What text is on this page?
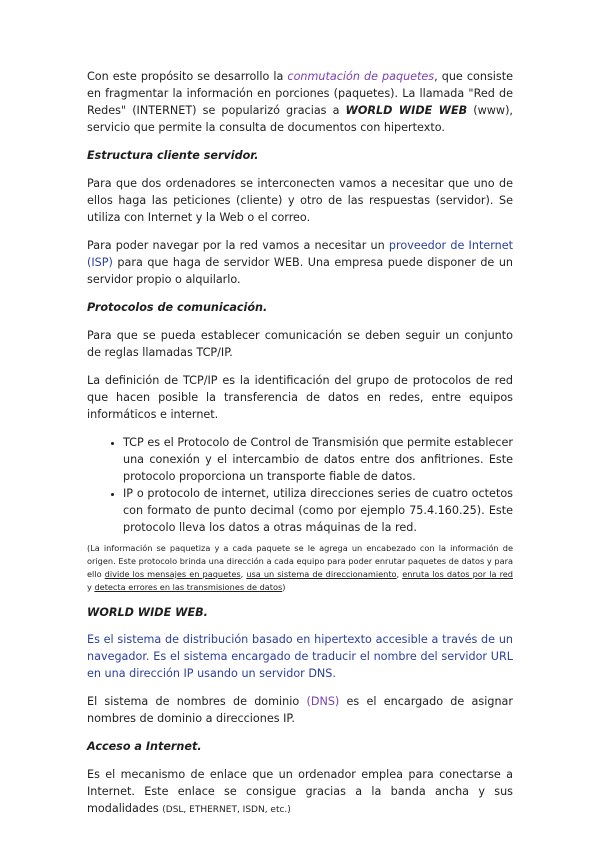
Con este propósito se desarrollo la conmutación de paquetes, que consiste en fragmentar la información en porciones (paquetes). La llamada "Red de Redes" (INTERNET) se popularizó gracias a WORLD WIDE WEB (www), servicio que permite la consulta de documentos con hipertexto.

Estructura cliente servidor.

Para que dos ordenadores se interconecten vamos a necesitar que uno de ellos haga las peticiones (cliente) y otro de las respuestas (servidor). Se utiliza con Internet y la Web o el correo.

Para poder navegar por la red vamos a necesitar un proveedor de Internet (ISP) para que haga de servidor WEB. Una empresa puede disponer de un servidor propio o alquilarlo.

Protocolos de comunicación.

Para que se pueda establecer comunicación se deben seguir un conjunto de reglas llamadas TCP/IP.

La definición de TCP/IP es la identificación del grupo de protocolos de red que hacen posible la transferencia de datos en redes, entre equipos informáticos e internet.

• TCP es el Protocolo de Control de Transmisión que permite establecer una conexión y el intercambio de datos entre dos anfitriones. Este protocolo proporciona un transporte fiable de datos.
• IP o protocolo de internet, utiliza direcciones series de cuatro octetos con formato de punto decimal (como por ejemplo 75.4.160.25). Este protocolo lleva los datos a otras máquinas de la red.

(La información se paquetiza y a cada paquete se le agrega un encabezado con la información de origen. Este protocolo brinda una dirección a cada equipo para poder enrutar paquetes de datos y para ello divide los mensajes en paquetes, usa un sistema de direccionamiento, enruta los datos por la red y detecta errores en las transmisiones de datos)

WORLD WIDE WEB.

Es el sistema de distribución basado en hipertexto accesible a través de un navegador. Es el sistema encargado de traducir el nombre del servidor URL en una dirección IP usando un servidor DNS.

El sistema de nombres de dominio (DNS) es el encargado de asignar nombres de dominio a direcciones IP.

Acceso a Internet.

Es el mecanismo de enlace que un ordenador emplea para conectarse a Internet. Este enlace se consigue gracias a la banda ancha y sus modalidades (DSL, ETHERNET, ISDN, etc.)
